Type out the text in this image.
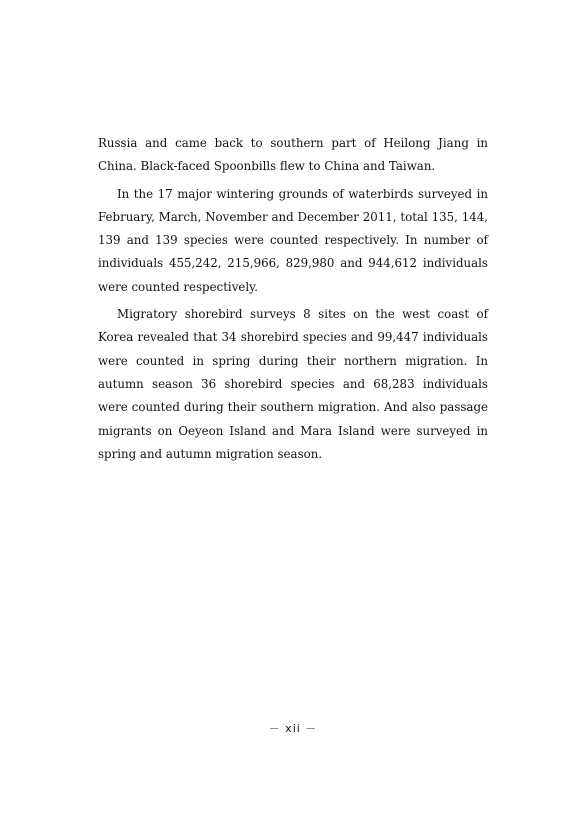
Russia and came back to southern part of Heilong Jiang in China. Black-faced Spoonbills flew to China and Taiwan.

In the 17 major wintering grounds of waterbirds surveyed in February, March, November and December 2011, total 135, 144, 139 and 139 species were counted respectively. In number of individuals 455,242, 215,966, 829,980 and 944,612 individuals were counted respectively.

Migratory shorebird surveys 8 sites on the west coast of Korea revealed that 34 shorebird species and 99,447 individuals were counted in spring during their northern migration. In autumn season 36 shorebird species and 68,283 individuals were counted during their southern migration. And also passage migrants on Oeyeon Island and Mara Island were surveyed in spring and autumn migration season.

－ xii －
